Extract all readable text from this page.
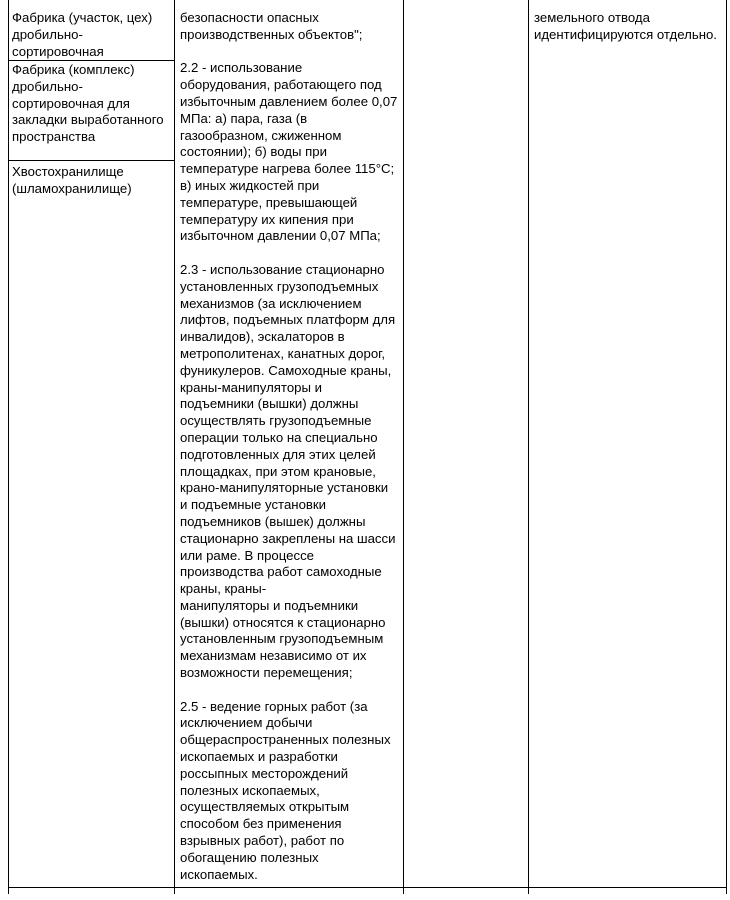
Фабрика (участок, цех)
дробильно-
сортировочная
Фабрика (комплекс)
дробильно-
сортировочная для
закладки выработанного
пространства
Хвостохранилище
(шламохранилище)
безопасности опасных
производственных объектов";
2.2 - использование
оборудования, работающего под
избыточным давлением более 0,07
МПа: а) пара, газа (в
газообразном, сжиженном
состоянии); б) воды при
температуре нагрева более 115°C;
в) иных жидкостей при
температуре, превышающей
температуру их кипения при
избыточном давлении 0,07 МПа;
2.3 - использование стационарно
установленных грузоподъемных
механизмов (за исключением
лифтов, подъемных платформ для
инвалидов), эскалаторов в
метрополитенах, канатных дорог,
фуникулеров. Самоходные краны,
краны-манипуляторы и
подъемники (вышки) должны
осуществлять грузоподъемные
операции только на специально
подготовленных для этих целей
площадках, при этом крановые,
крано-манипуляторные установки
и подъемные установки
подъемников (вышек) должны
стационарно закреплены на шасси
или раме. В процессе
производства работ самоходные
краны, краны-
манипуляторы и подъемники
(вышки) относятся к стационарно
установленным грузоподъемным
механизмам независимо от их
возможности перемещения;
2.5 - ведение горных работ (за
исключением добычи
общераспространенных полезных
ископаемых и разработки
россыпных месторождений
полезных ископаемых,
осуществляемых открытым
способом без применения
взрывных работ), работ по
обогащению полезных
ископаемых.
земельного отвода
идентифицируются отдельно.
